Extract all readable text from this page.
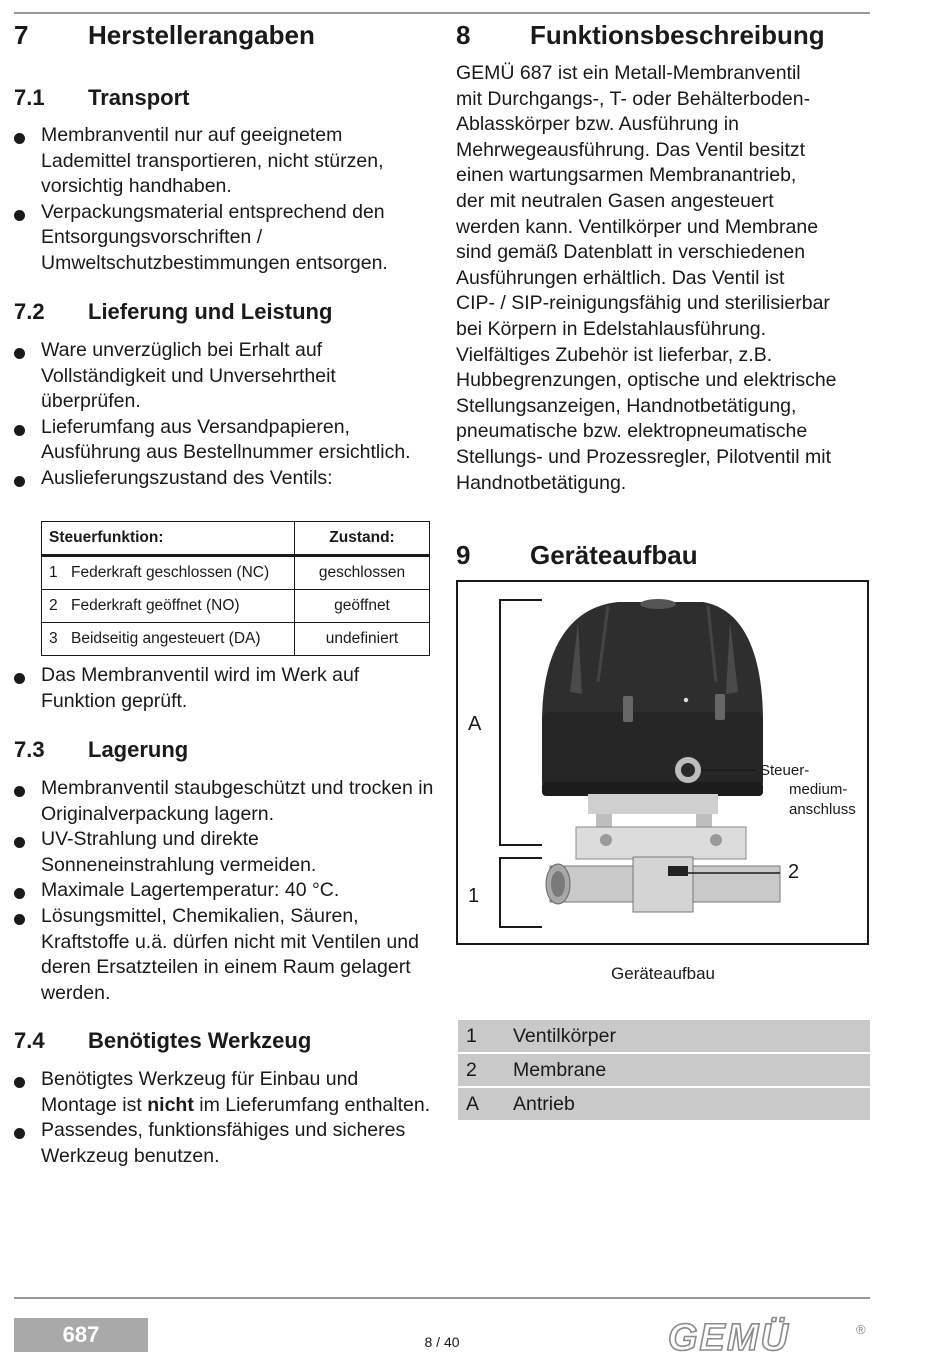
7 Herstellerangaben
7.1 Transport
Membranventil nur auf geeignetem Lademittel transportieren, nicht stürzen, vorsichtig handhaben.
Verpackungsmaterial entsprechend den Entsorgungsvorschriften / Umweltschutzbestimmungen entsorgen.
7.2 Lieferung und Leistung
Ware unverzüglich bei Erhalt auf Vollständigkeit und Unversehrtheit überprüfen.
Lieferumfang aus Versandpapieren, Ausführung aus Bestellnummer ersichtlich.
Auslieferungszustand des Ventils:
Steuerfunktion:	Zustand:
1 Federkraft geschlossen (NC)	geschlossen
2 Federkraft geöffnet (NO)	geöffnet
3 Beidseitig angesteuert (DA)	undefiniert
Das Membranventil wird im Werk auf Funktion geprüft.
7.3 Lagerung
Membranventil staubgeschützt und trocken in Originalverpackung lagern.
UV-Strahlung und direkte Sonneneinstrahlung vermeiden.
Maximale Lagertemperatur: 40 °C.
Lösungsmittel, Chemikalien, Säuren, Kraftstoffe u.ä. dürfen nicht mit Ventilen und deren Ersatzteilen in einem Raum gelagert werden.
7.4 Benötigtes Werkzeug
Benötigtes Werkzeug für Einbau und Montage ist nicht im Lieferumfang enthalten.
Passendes, funktionsfähiges und sicheres Werkzeug benutzen.
8 Funktionsbeschreibung
GEMÜ 687 ist ein Metall-Membranventil
mit Durchgangs-, T- oder Behälterboden-
Ablasskörper bzw. Ausführung in
Mehrwegeausführung. Das Ventil besitzt
einen wartungsarmen Membranantrieb,
der mit neutralen Gasen angesteuert
werden kann. Ventilkörper und Membrane
sind gemäß Datenblatt in verschiedenen
Ausführungen erhältlich. Das Ventil ist
CIP- / SIP-reinigungsfähig und sterilisierbar
bei Körpern in Edelstahlausführung.
Vielfältiges Zubehör ist lieferbar, z.B.
Hubbegrenzungen, optische und elektrische
Stellungsanzeigen, Handnotbetätigung,
pneumatische bzw. elektropneumatische
Stellungs- und Prozessregler, Pilotventil mit
Handnotbetätigung.
9 Geräteaufbau
A
1
Steuer-
medium-
anschluss
2
Geräteaufbau
1 Ventilkörper
2 Membrane
A Antrieb
687	8 / 40	GEMÜ	®
